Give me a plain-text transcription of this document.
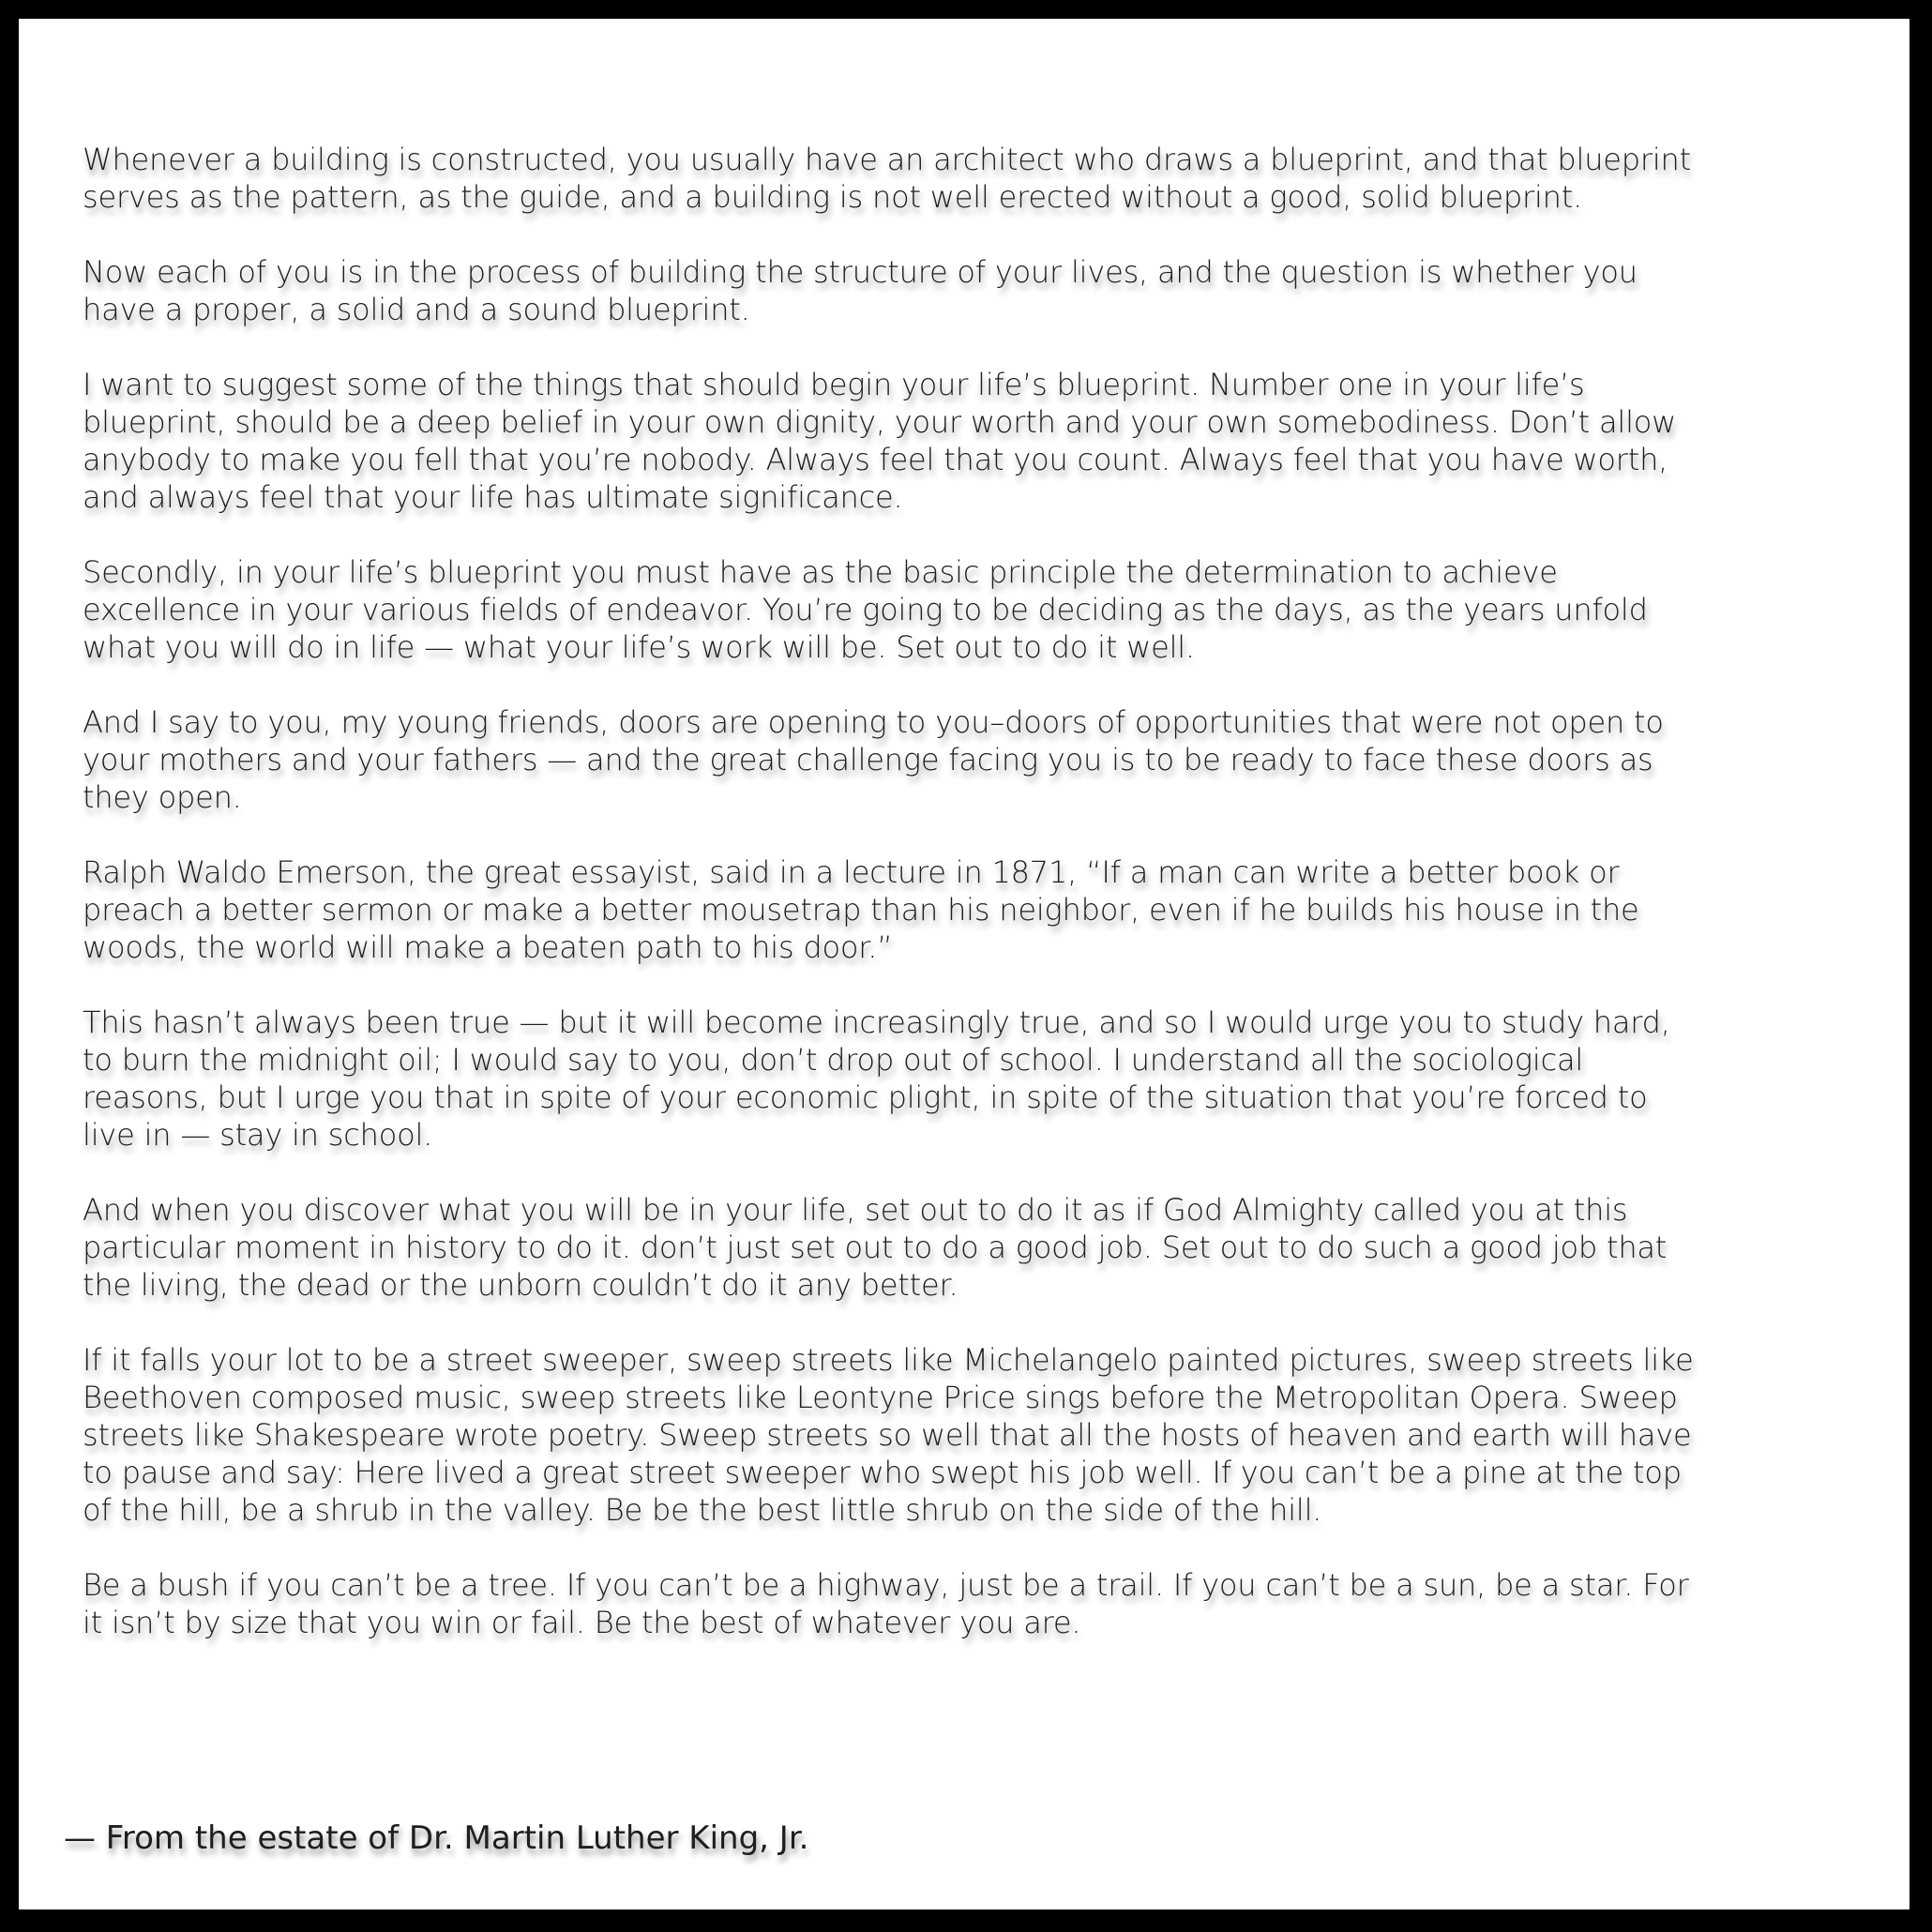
Whenever a building is constructed, you usually have an architect who draws a blueprint, and that blueprint serves as the pattern, as the guide, and a building is not well erected without a good, solid blueprint.

Now each of you is in the process of building the structure of your lives, and the question is whether you have a proper, a solid and a sound blueprint.

I want to suggest some of the things that should begin your life’s blueprint. Number one in your life’s blueprint, should be a deep belief in your own dignity, your worth and your own somebodiness. Don’t allow anybody to make you fell that you’re nobody. Always feel that you count. Always feel that you have worth, and always feel that your life has ultimate significance.

Secondly, in your life’s blueprint you must have as the basic principle the determination to achieve excellence in your various fields of endeavor. You’re going to be deciding as the days, as the years unfold what you will do in life — what your life’s work will be. Set out to do it well.

And I say to you, my young friends, doors are opening to you–doors of opportunities that were not open to your mothers and your fathers — and the great challenge facing you is to be ready to face these doors as they open.

Ralph Waldo Emerson, the great essayist, said in a lecture in 1871, “If a man can write a better book or preach a better sermon or make a better mousetrap than his neighbor, even if he builds his house in the woods, the world will make a beaten path to his door.”

This hasn’t always been true — but it will become increasingly true, and so I would urge you to study hard, to burn the midnight oil; I would say to you, don’t drop out of school. I understand all the sociological reasons, but I urge you that in spite of your economic plight, in spite of the situation that you’re forced to live in — stay in school.

And when you discover what you will be in your life, set out to do it as if God Almighty called you at this particular moment in history to do it. don’t just set out to do a good job. Set out to do such a good job that the living, the dead or the unborn couldn’t do it any better.

If it falls your lot to be a street sweeper, sweep streets like Michelangelo painted pictures, sweep streets like Beethoven composed music, sweep streets like Leontyne Price sings before the Metropolitan Opera. Sweep streets like Shakespeare wrote poetry. Sweep streets so well that all the hosts of heaven and earth will have to pause and say: Here lived a great street sweeper who swept his job well. If you can’t be a pine at the top of the hill, be a shrub in the valley. Be be the best little shrub on the side of the hill.

Be a bush if you can’t be a tree. If you can’t be a highway, just be a trail. If you can’t be a sun, be a star. For it isn’t by size that you win or fail. Be the best of whatever you are.

— From the estate of Dr. Martin Luther King, Jr.
